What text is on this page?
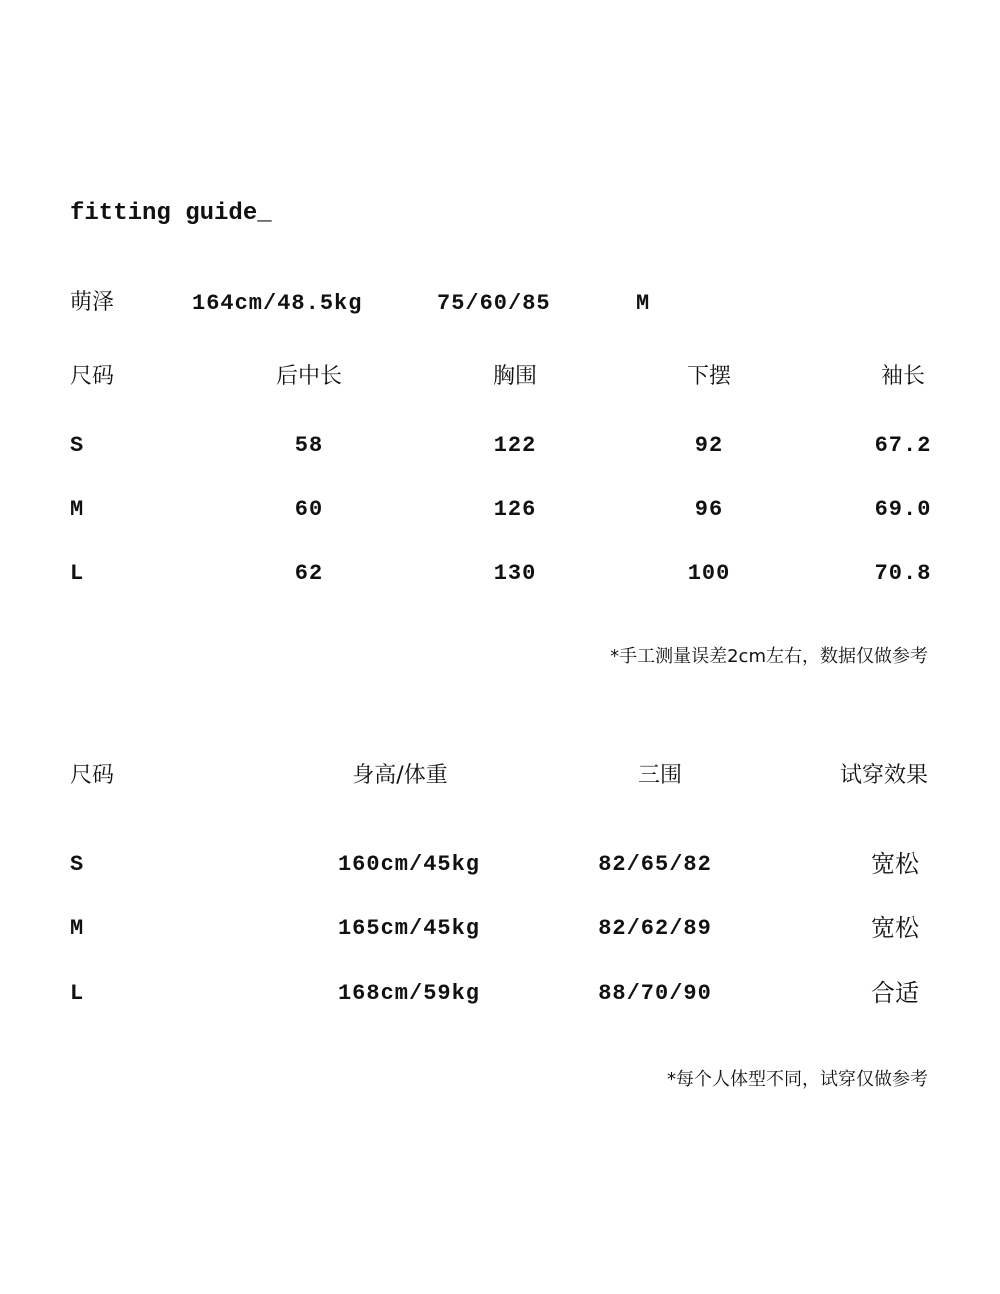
fitting guide_
萌泽	164cm/48.5kg	75/60/85	M
尺码	后中长	胸围	下摆	袖长
S	58	122	92	67.2
M	60	126	96	69.0
L	62	130	100	70.8
*手工测量误差2cm左右，数据仅做参考
尺码	身高/体重	三围	试穿效果
S	160cm/45kg	82/65/82	宽松
M	165cm/45kg	82/62/89	宽松
L	168cm/59kg	88/70/90	合适
*每个人体型不同，试穿仅做参考
